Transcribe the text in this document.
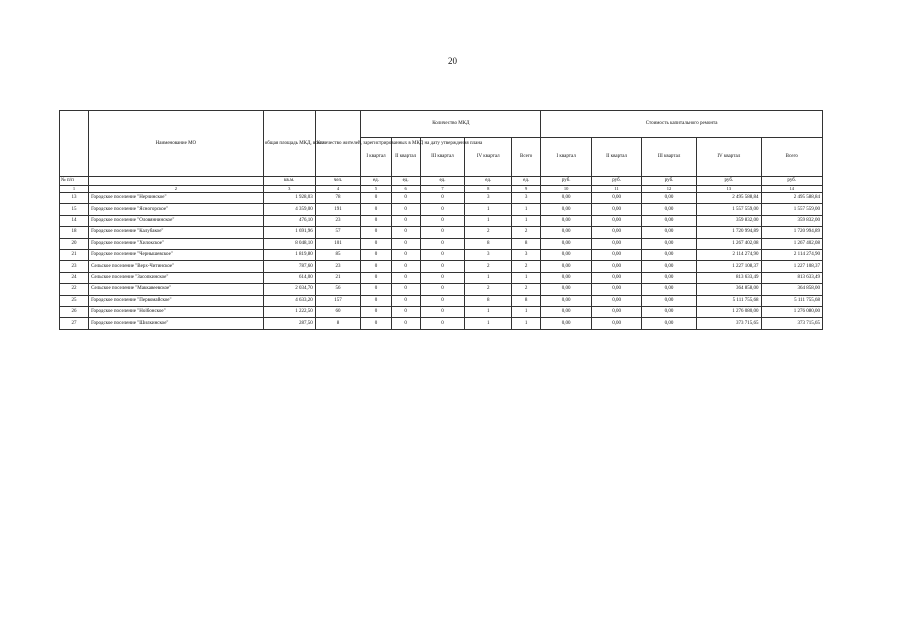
20
	Наименование МО	общая площадь МКД, всего	Количество жителей, зарегистрированных в МКД на дату утверждения плана	Количество МКД					Стоимость капитального ремонта				
				I квартал	II квартал	III квартал	IV квартал	Всего	I квартал	II квартал	III квартал	IV квартал	Всего
№ п/п		кв.м.	чел.	ед.	ед.	ед.	ед.	ед.	руб.	руб.	руб.	руб.	руб.
1	2	3	4	5	6	7	8	9	10	11	12	13	14
13	Городское поселение "Нерчинское"	1 928,03	78	0	0	0	3	3	0,00	0,00	0,00	2 495 588,84	2 495 588,84
15	Городское поселение "Ясногорское"	4 359,00	191	0	0	0	1	1	0,00	0,00	0,00	1 557 559,00	1 557 559,00
14	Городское поселение "Оловяннинское"	476,10	23	0	0	0	1	1	0,00	0,00	0,00	359 832,00	359 832,00
18	Городское поселение "Калубакое"	1 691,96	57	0	0	0	2	2	0,00	0,00	0,00	1 720 994,89	1 720 994,89
20	Городское поселение "Хилокское"	8 048,10	101	0	0	0	8	8	0,00	0,00	0,00	1 267 402,08	1 267 402,08
21	Городское поселение "Чернышевское"	1 819,80	85	0	0	0	3	3	0,00	0,00	0,00	2 114 274,90	2 114 274,90
23	Сельское поселение "Верх-Читинское"	787,60	23	0	0	0	2	2	0,00	0,00	0,00	1 227 108,37	1 227 108,37
24	Сельское поселение "Засопкинское"	614,00	21	0	0	0	1	1	0,00	0,00	0,00	813 633,49	813 633,49
22	Сельское поселение "Маккавеевское"	2 034,70	56	0	0	0	2	2	0,00	0,00	0,00	364 858,00	364 858,00
25	Городское поселение "Первомайское"	4 633,20	157	0	0	0	8	8	0,00	0,00	0,00	5 111 755,68	5 111 755,68
26	Городское поселение "Holбонское"	1 222,50	60	0	0	0	1	1	0,00	0,00	0,00	1 276 080,00	1 276 080,00
27	Городское поселение "Шилкинское"	287,50	8	0	0	0	1	1	0,00	0,00	0,00	373 715,65	373 715,65
